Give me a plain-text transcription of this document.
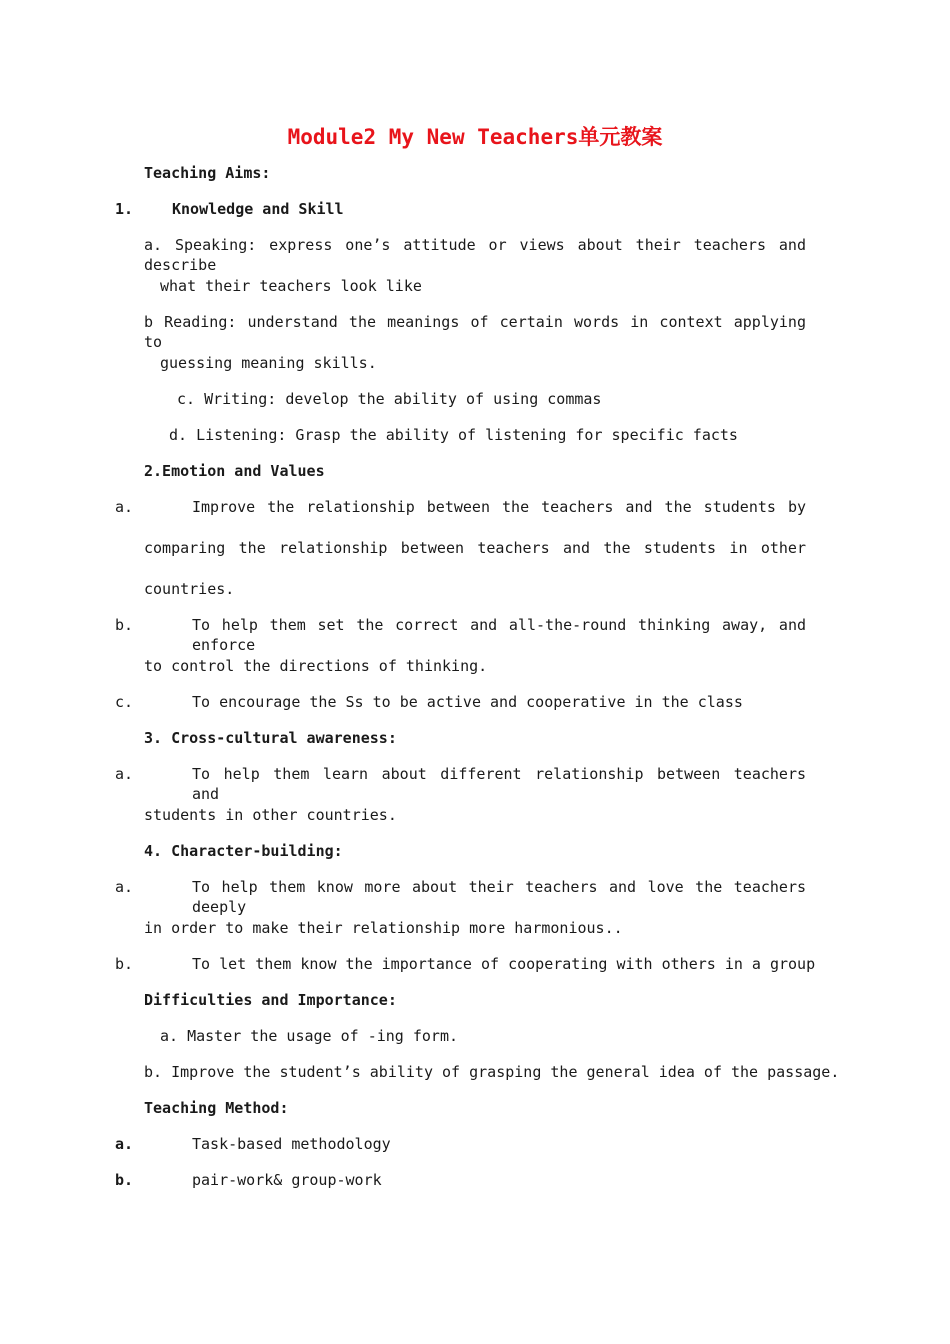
Module2 My New Teachers单元教案
Teaching Aims:
1.	Knowledge and Skill
a. Speaking: express one’s attitude or views about their teachers and describe
what their teachers look like
b Reading: understand the meanings of certain words in context applying to
guessing meaning skills.
c. Writing: develop the ability of using commas
d. Listening: Grasp the ability of listening for specific facts
2.Emotion and Values
a.	Improve the relationship between the teachers and the students by
comparing the relationship between teachers and the students in other
countries.
b.	To help them set the correct and all-the-round thinking away, and enforce
to control the directions of thinking.
c.	To encourage the Ss to be active and cooperative in the class
3. Cross-cultural awareness:
a.	To help them learn about different relationship between teachers and
students in other countries.
4. Character-building:
a.	To help them know more about their teachers and love the teachers deeply
in order to make their relationship more harmonious..
b.	To let them know the importance of cooperating with others in a group
Difficulties and Importance:
a. Master the usage of -ing form.
b. Improve the student’s ability of grasping the general idea of the passage.
Teaching Method:
a.	Task-based methodology
b.	pair-work& group-work
